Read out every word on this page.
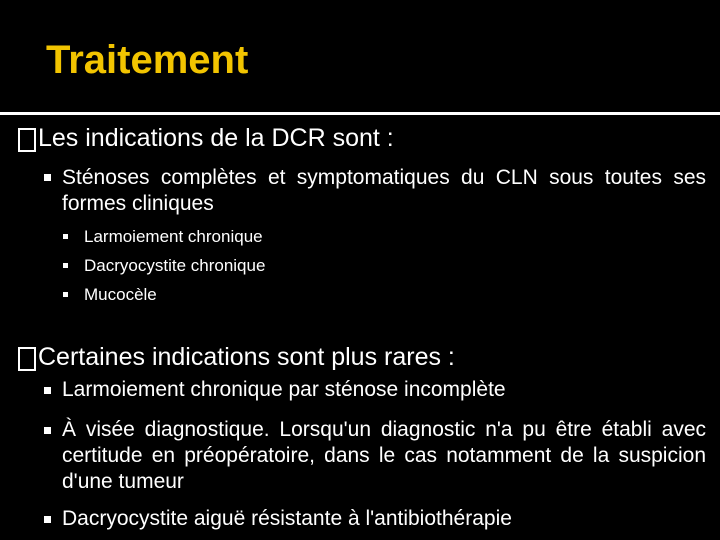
Traitement
Les indications de la DCR sont :
Sténoses complètes et symptomatiques du CLN sous toutes ses formes cliniques
Larmoiement chronique
Dacryocystite chronique
Mucocèle
Certaines indications sont plus rares :
Larmoiement chronique par sténose incomplète
À visée diagnostique. Lorsqu'un diagnostic n'a pu être établi avec certitude en préopératoire, dans le cas notamment de la suspicion d'une tumeur
Dacryocystite aiguë résistante à l'antibiothérapie
